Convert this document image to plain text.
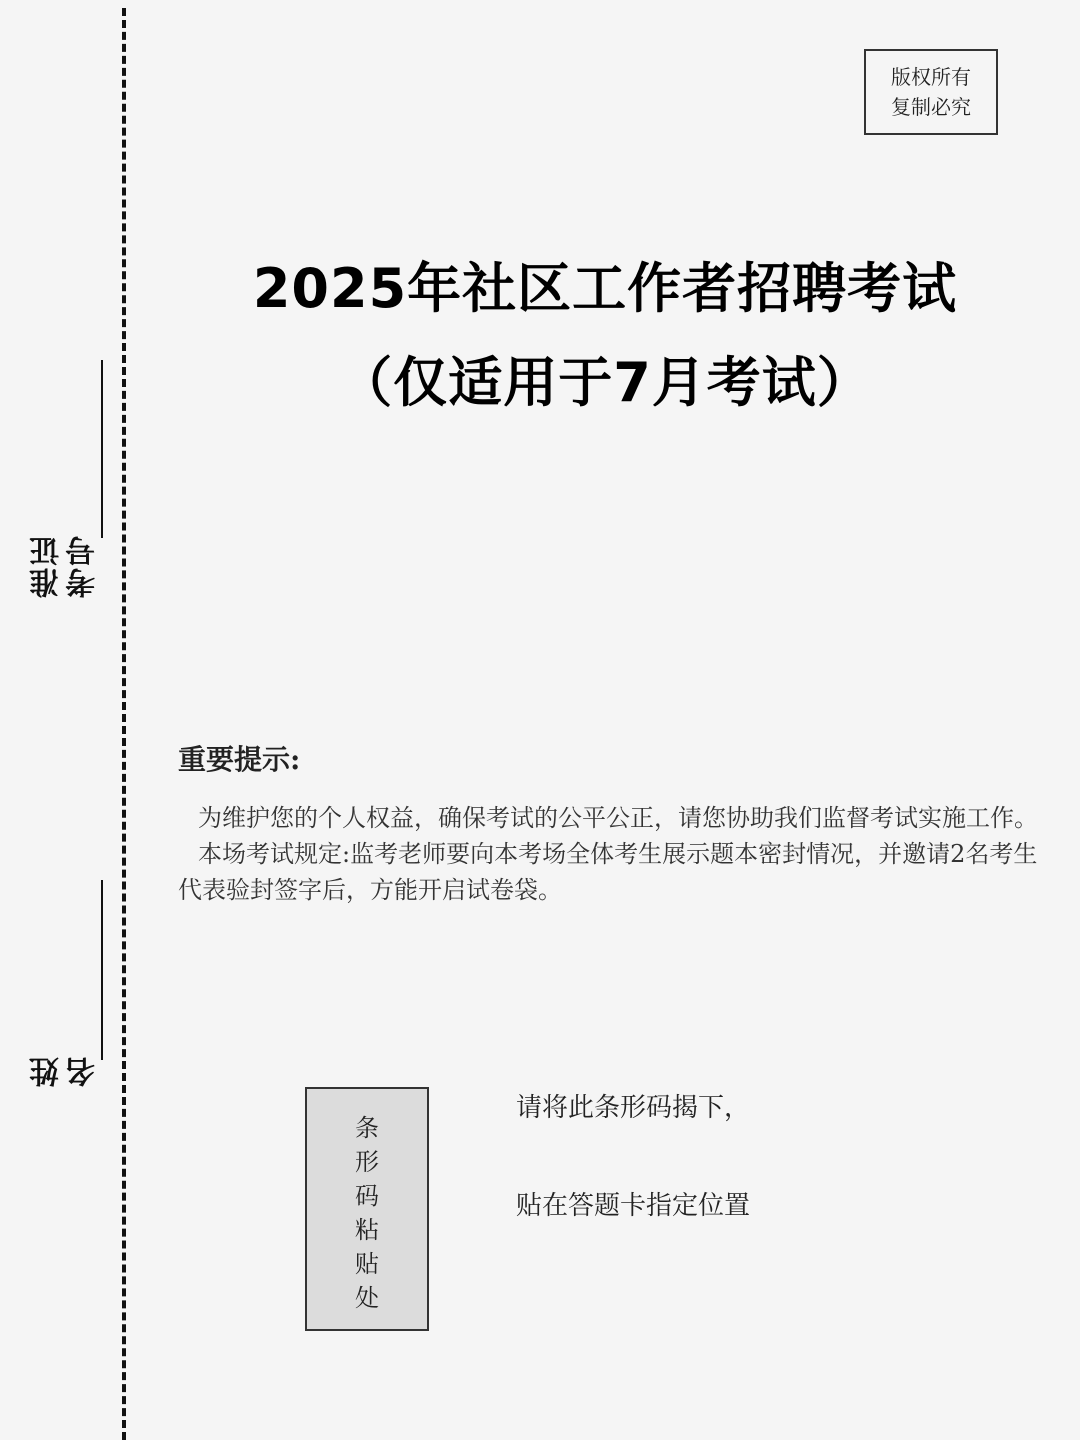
准证
考号
姓
名
版权所有
复制必究
2025年社区工作者招聘考试
（仅适用于7月考试）
重要提示:

为维护您的个人权益，确保考试的公平公正，请您协助我们监督考试实施工作。

本场考试规定:监考老师要向本考场全体考生展示题本密封情况，并邀请2名考生代表验封签字后，方能开启试卷袋。

条
形
码
粘
贴
处
请将此条形码揭下，
贴在答题卡指定位置
